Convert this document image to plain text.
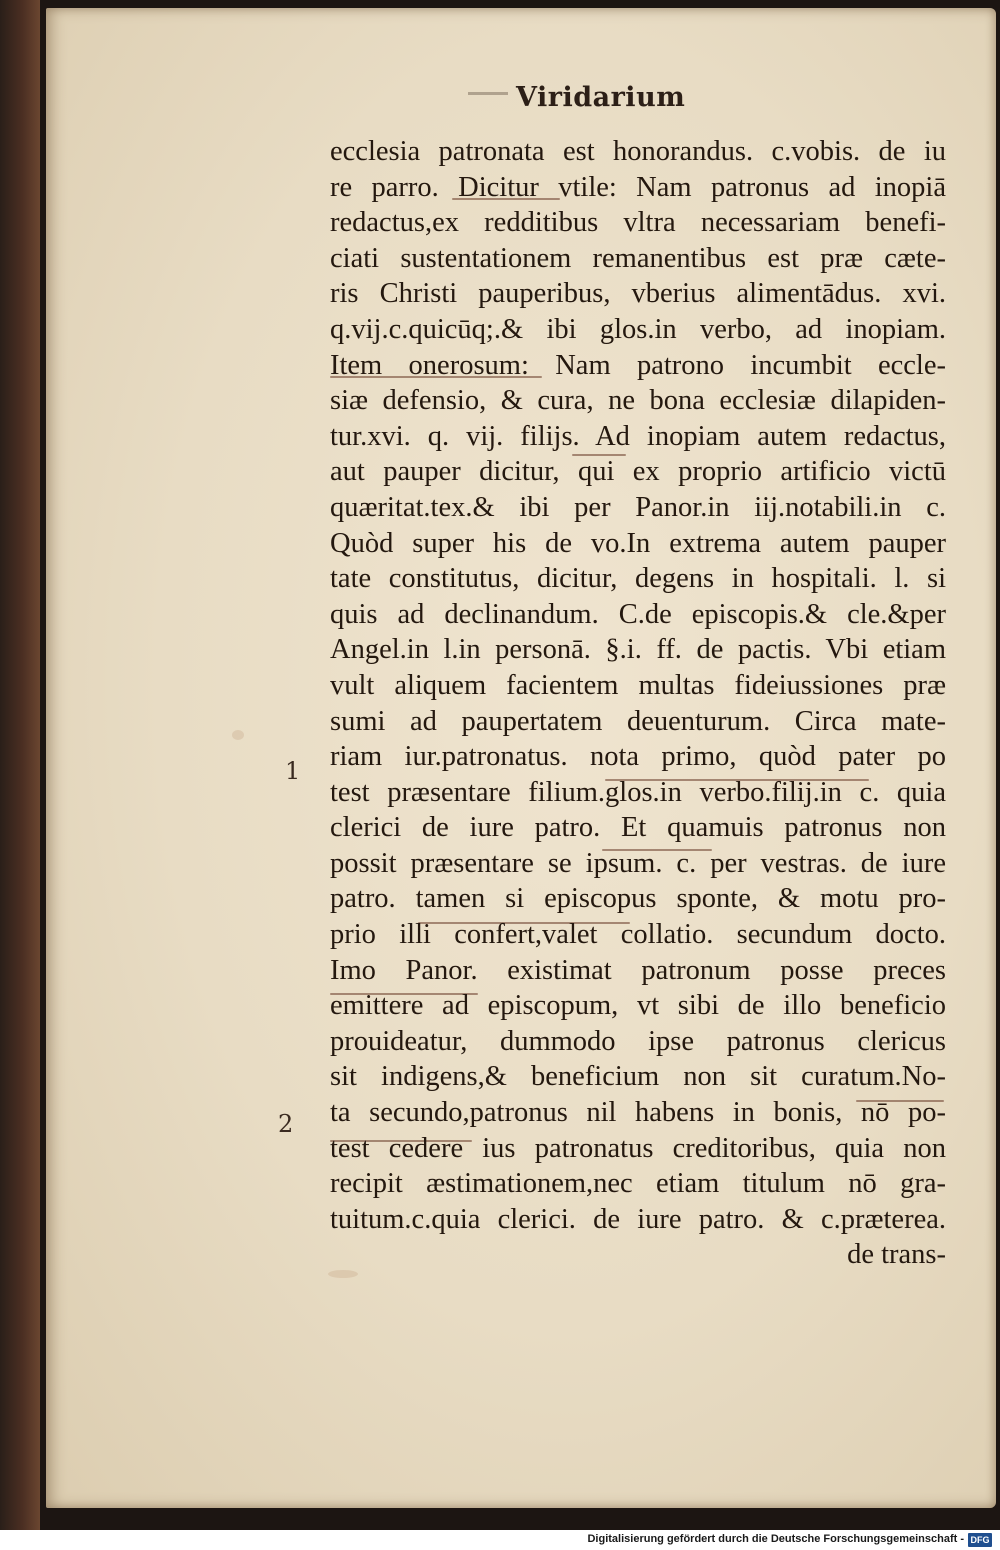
Viridarium
1
2
ecclesia patronata est honorandus. c.vobis. de iu
re parro. Dicitur vtile: Nam patronus ad inopiā
redactus,ex redditibus vltra necessariam benefi-
ciati sustentationem remanentibus est præ cæte-
ris Christi pauperibus, vberius alimentādus. xvi.
q.vij.c.quicūq;.& ibi glos.in verbo, ad inopiam.
Item onerosum: Nam patrono incumbit eccle-
siæ defensio, & cura, ne bona ecclesiæ dilapiden-
tur.xvi. q. vij. filijs. Ad inopiam autem redactus,
aut pauper dicitur, qui ex proprio artificio victū
quæritat.tex.& ibi per Panor.in iij.notabili.in c.
Quòd super his de vo.In extrema autem pauper
tate constitutus, dicitur, degens in hospitali. l. si
quis ad declinandum. C.de episcopis.& cle.&per
Angel.in l.in personā. §.i. ff. de pactis. Vbi etiam
vult aliquem facientem multas fideiussiones præ
sumi ad paupertatem deuenturum. Circa mate-
riam iur.patronatus. nota primo, quòd pater po
test præsentare filium.glos.in verbo.filij.in c. quia
clerici de iure patro. Et quamuis patronus non
possit præsentare se ipsum. c. per vestras. de iure
patro. tamen si episcopus sponte, & motu pro-
prio illi confert,valet collatio. secundum docto.
Imo Panor. existimat patronum posse preces
emittere ad episcopum, vt sibi de illo beneficio
prouideatur, dummodo ipse patronus clericus
sit indigens,& beneficium non sit curatum.No-
ta secundo,patronus nil habens in bonis, nō po-
test cedere ius patronatus creditoribus, quia non
recipit æstimationem,nec etiam titulum nō gra-
tuitum.c.quia clerici. de iure patro. & c.præterea.
de trans-
Digitalisierung gefördert durch die Deutsche Forschungsgemeinschaft - DFG
